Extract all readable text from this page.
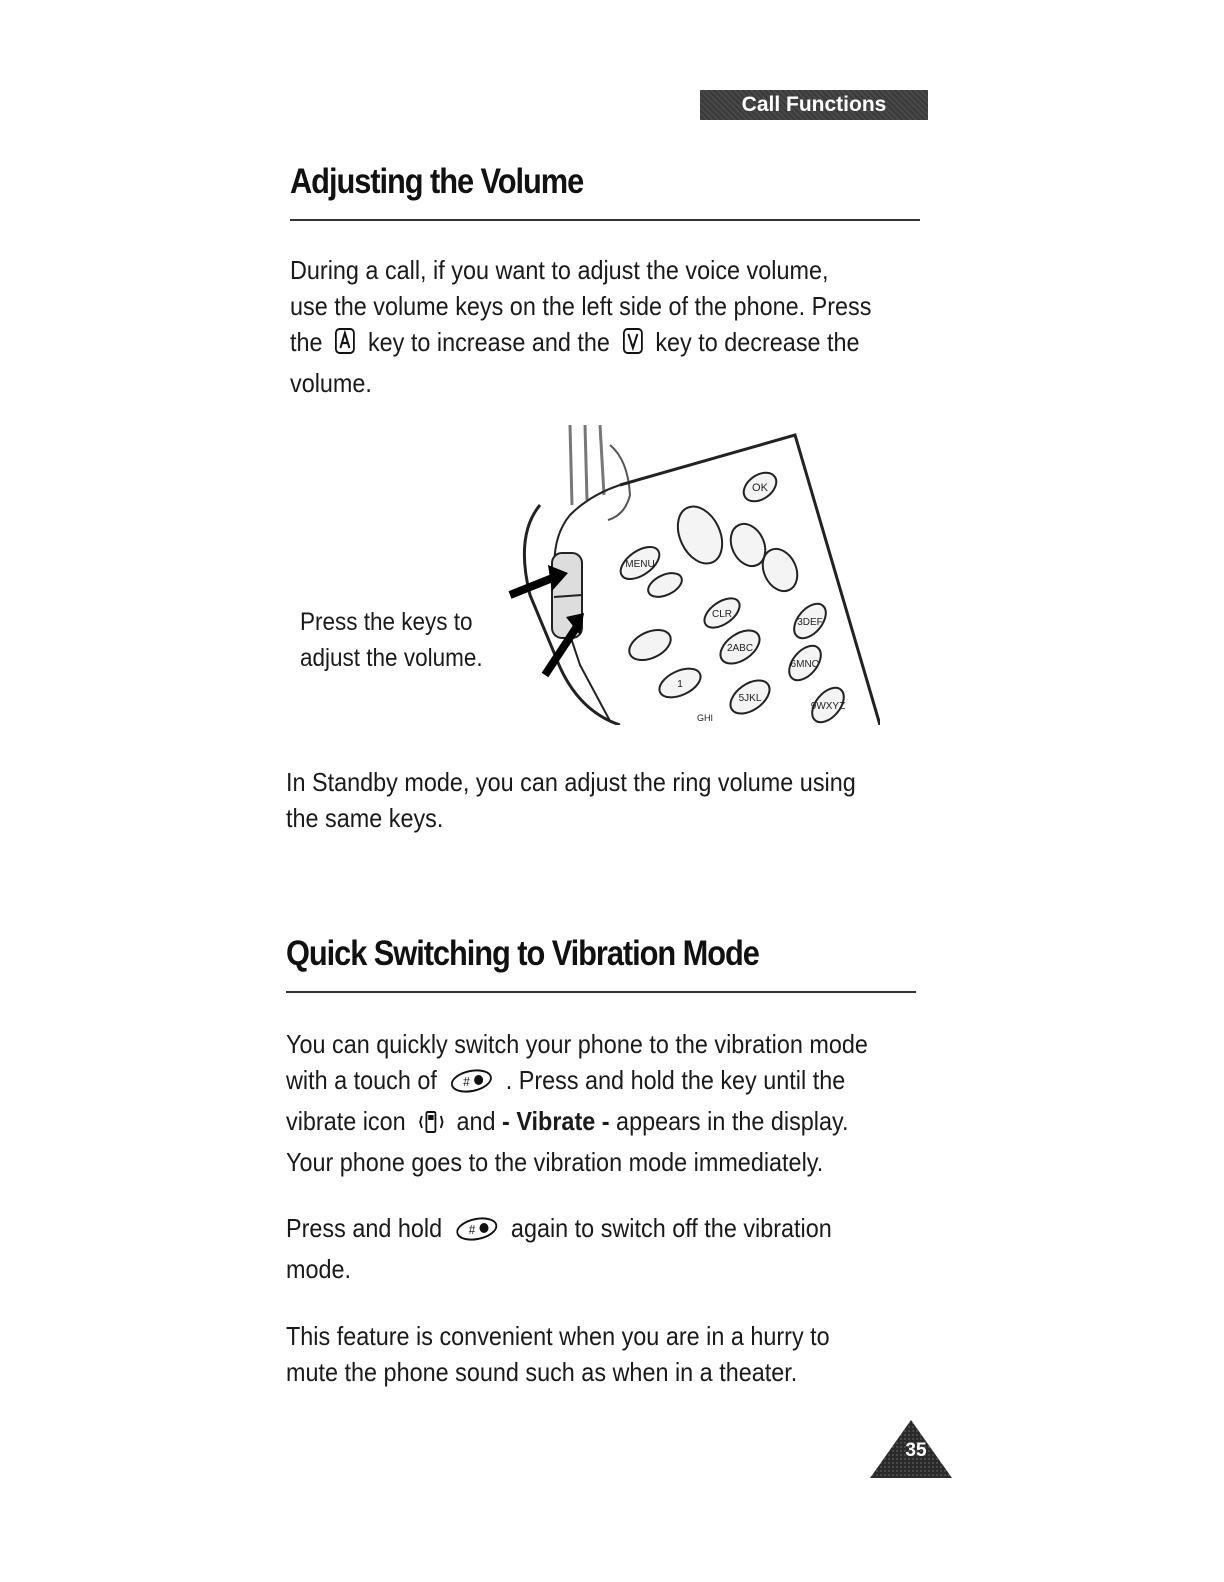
Call Functions
Adjusting the Volume

During a call, if you want to adjust the voice volume,

use the volume keys on the left side of the phone. Press

the key to increase and the key to decrease the

volume.

Press the keys to
adjust the volume.
OK
MENU
CLR
2ABC
3DEF
6MNO
1
5JKL
9WXYZ
GHI

In Standby mode, you can adjust the ring volume using

the same keys.

Quick Switching to Vibration Mode

You can quickly switch your phone to the vibration mode

with a touch of # . Press and hold the key until the

vibrate icon and - Vibrate - appears in the display.

Your phone goes to the vibration mode immediately.

Press and hold # again to switch off the vibration

mode.

This feature is convenient when you are in a hurry to

mute the phone sound such as when in a theater.

35
